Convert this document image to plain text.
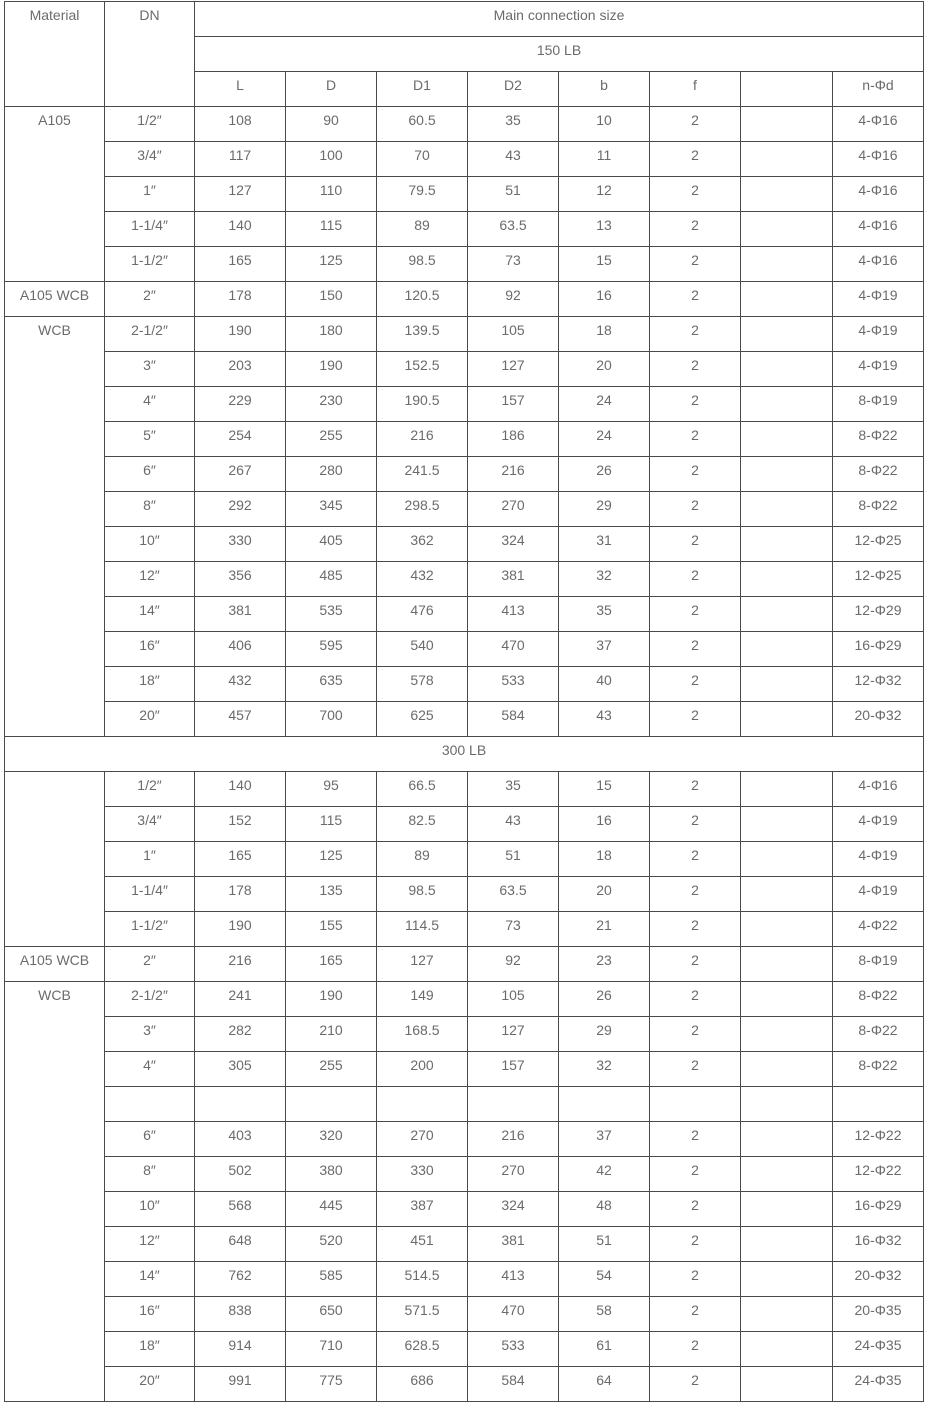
Material	DN	Main connection size							
		150 LB							
		L	D	D1	D2	b	f		n-Φd
A105	1/2″	108	90	60.5	35	10	2		4-Φ16
	3/4″	117	100	70	43	11	2		4-Φ16
	1″	127	110	79.5	51	12	2		4-Φ16
	1-1/4″	140	115	89	63.5	13	2		4-Φ16
	1-1/2″	165	125	98.5	73	15	2		4-Φ16
A105 WCB	2″	178	150	120.5	92	16	2		4-Φ19
WCB	2-1/2″	190	180	139.5	105	18	2		4-Φ19
	3″	203	190	152.5	127	20	2		4-Φ19
	4″	229	230	190.5	157	24	2		8-Φ19
	5″	254	255	216	186	24	2		8-Φ22
	6″	267	280	241.5	216	26	2		8-Φ22
	8″	292	345	298.5	270	29	2		8-Φ22
	10″	330	405	362	324	31	2		12-Φ25
	12″	356	485	432	381	32	2		12-Φ25
	14″	381	535	476	413	35	2		12-Φ29
	16″	406	595	540	470	37	2		16-Φ29
	18″	432	635	578	533	40	2		12-Φ32
	20″	457	700	625	584	43	2		20-Φ32
300 LB									
	1/2″	140	95	66.5	35	15	2		4-Φ16
	3/4″	152	115	82.5	43	16	2		4-Φ19
	1″	165	125	89	51	18	2		4-Φ19
	1-1/4″	178	135	98.5	63.5	20	2		4-Φ19
	1-1/2″	190	155	114.5	73	21	2		4-Φ22
A105 WCB	2″	216	165	127	92	23	2		8-Φ19
WCB	2-1/2″	241	190	149	105	26	2		8-Φ22
	3″	282	210	168.5	127	29	2		8-Φ22
	4″	305	255	200	157	32	2		8-Φ22

	6″	403	320	270	216	37	2		12-Φ22
	8″	502	380	330	270	42	2		12-Φ22
	10″	568	445	387	324	48	2		16-Φ29
	12″	648	520	451	381	51	2		16-Φ32
	14″	762	585	514.5	413	54	2		20-Φ32
	16″	838	650	571.5	470	58	2		20-Φ35
	18″	914	710	628.5	533	61	2		24-Φ35
	20″	991	775	686	584	64	2		24-Φ35
